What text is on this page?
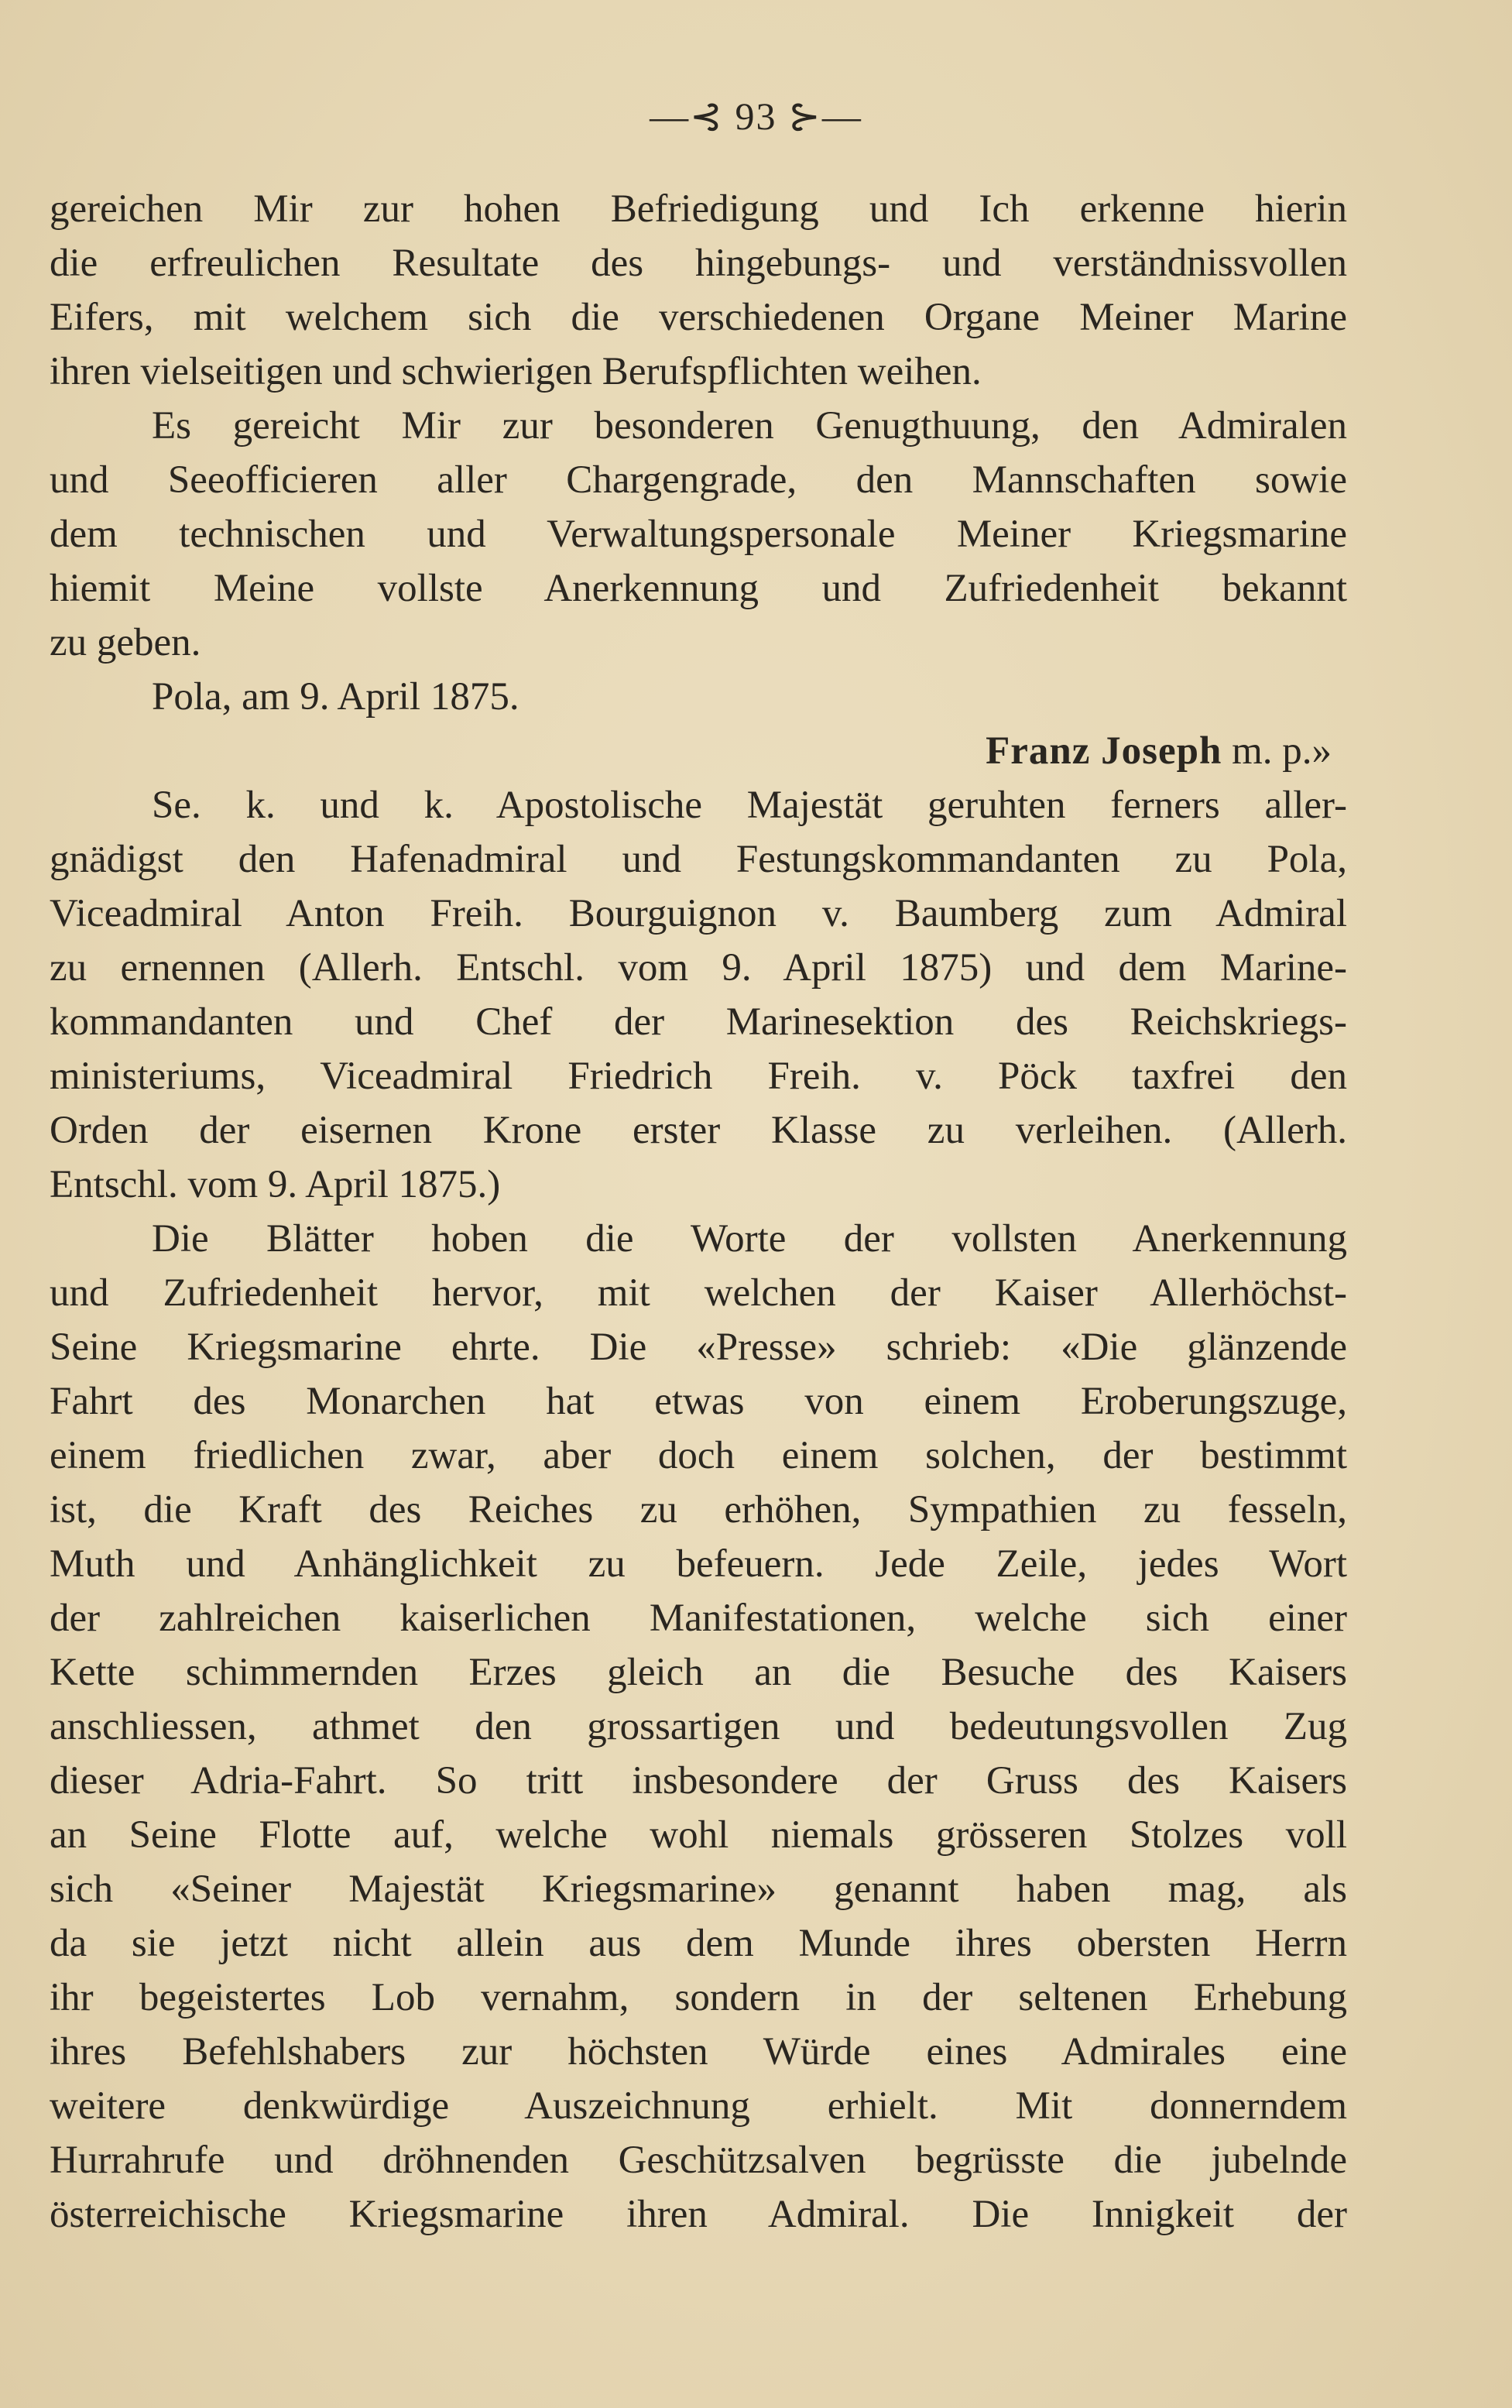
—⊰ 93 ⊱—
gereichen Mir zur hohen Befriedigung und Ich erkenne hierin
die erfreulichen Resultate des hingebungs- und verständnissvollen
Eifers, mit welchem sich die verschiedenen Organe Meiner Marine
ihren vielseitigen und schwierigen Berufspflichten weihen.
Es gereicht Mir zur besonderen Genugthuung, den Admiralen
und Seeofficieren aller Chargengrade, den Mannschaften sowie
dem technischen und Verwaltungspersonale Meiner Kriegsmarine
hiemit Meine vollste Anerkennung und Zufriedenheit bekannt
zu geben.
Pola, am 9. April 1875.
Franz Joseph m. p.»
Se. k. und k. Apostolische Majestät geruhten ferners aller-
gnädigst den Hafenadmiral und Festungskommandanten zu Pola,
Viceadmiral Anton Freih. Bourguignon v. Baumberg zum Admiral
zu ernennen (Allerh. Entschl. vom 9. April 1875) und dem Marine-
kommandanten und Chef der Marinesektion des Reichskriegs-
ministeriums, Viceadmiral Friedrich Freih. v. Pöck taxfrei den
Orden der eisernen Krone erster Klasse zu verleihen. (Allerh.
Entschl. vom 9. April 1875.)
Die Blätter hoben die Worte der vollsten Anerkennung
und Zufriedenheit hervor, mit welchen der Kaiser Allerhöchst-
Seine Kriegsmarine ehrte. Die «Presse» schrieb: «Die glänzende
Fahrt des Monarchen hat etwas von einem Eroberungszuge,
einem friedlichen zwar, aber doch einem solchen, der bestimmt
ist, die Kraft des Reiches zu erhöhen, Sympathien zu fesseln,
Muth und Anhänglichkeit zu befeuern. Jede Zeile, jedes Wort
der zahlreichen kaiserlichen Manifestationen, welche sich einer
Kette schimmernden Erzes gleich an die Besuche des Kaisers
anschliessen, athmet den grossartigen und bedeutungsvollen Zug
dieser Adria-Fahrt. So tritt insbesondere der Gruss des Kaisers
an Seine Flotte auf, welche wohl niemals grösseren Stolzes voll
sich «Seiner Majestät Kriegsmarine» genannt haben mag, als
da sie jetzt nicht allein aus dem Munde ihres obersten Herrn
ihr begeistertes Lob vernahm, sondern in der seltenen Erhebung
ihres Befehlshabers zur höchsten Würde eines Admirales eine
weitere denkwürdige Auszeichnung erhielt. Mit donnerndem
Hurrahrufe und dröhnenden Geschützsalven begrüsste die jubelnde
österreichische Kriegsmarine ihren Admiral. Die Innigkeit der
